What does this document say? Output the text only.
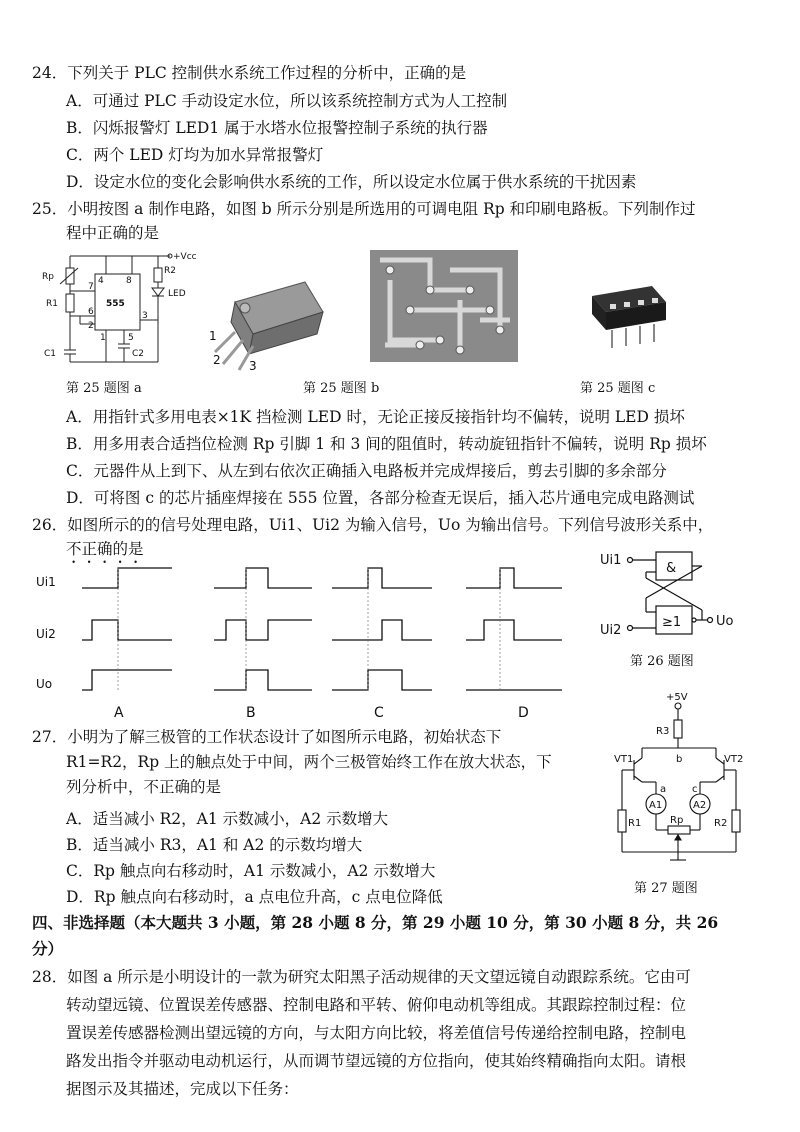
24．下列关于 PLC 控制供水系统工作过程的分析中，正确的是
A．可通过 PLC 手动设定水位，所以该系统控制方式为人工控制
B．闪烁报警灯 LED1 属于水塔水位报警控制子系统的执行器
C．两个 LED 灯均为加水异常报警灯
D．设定水位的变化会影响供水系统的工作，所以设定水位属于供水系统的干扰因素
25．小明按图 a 制作电路，如图 b 所示分别是所选用的可调电阻 Rp 和印刷电路板。下列制作过
程中正确的是
+Vcc
Rp
R1
R2
LED
555
C1	C2
4 8
7
6
2
3
1 5
第 25 题图 a
1
2 3
第 25 题图 b	第 25 题图 c
A．用指针式多用电表×1K 挡检测 LED 时，无论正接反接指针均不偏转，说明 LED 损坏
B．用多用表合适挡位检测 Rp 引脚 1 和 3 间的阻值时，转动旋钮指针不偏转，说明 Rp 损坏
C．元器件从上到下、从左到右依次正确插入电路板并完成焊接后，剪去引脚的多余部分
D．可将图 c 的芯片插座焊接在 555 位置，各部分检查无误后，插入芯片通电完成电路测试
26．如图所示的的信号处理电路，Ui1、Ui2 为输入信号，Uo 为输出信号。下列信号波形关系中，
不正确的是
Ui1
Ui2
Uo
A	B	C	D
Ui1
Ui2
&
≥1	Uo
第 26 题图
27．小明为了解三极管的工作状态设计了如图所示电路，初始状态下
R1=R2，Rp 上的触点处于中间，两个三极管始终工作在放大状态，下
列分析中，不正确的是
A．适当减小 R2，A1 示数减小，A2 示数增大
B．适当减小 R3，A1 和 A2 的示数均增大
C．Rp 触点向右移动时，A1 示数减小，A2 示数增大
D．Rp 触点向右移动时，a 点电位升高，c 点电位降低
+5V
R3
b
VT1	VT2
a	c
A1	A2
R1	R2
Rp
第 27 题图
四、非选择题（本大题共 3 小题，第 28 小题 8 分，第 29 小题 10 分，第 30 小题 8 分，共 26
分）
28．如图 a 所示是小明设计的一款为研究太阳黑子活动规律的天文望远镜自动跟踪系统。它由可
转动望远镜、位置误差传感器、控制电路和平转、俯仰电动机等组成。其跟踪控制过程：位
置误差传感器检测出望远镜的方向，与太阳方向比较，将差值信号传递给控制电路，控制电
路发出指令并驱动电动机运行，从而调节望远镜的方位指向，使其始终精确指向太阳。请根
据图示及其描述，完成以下任务：
